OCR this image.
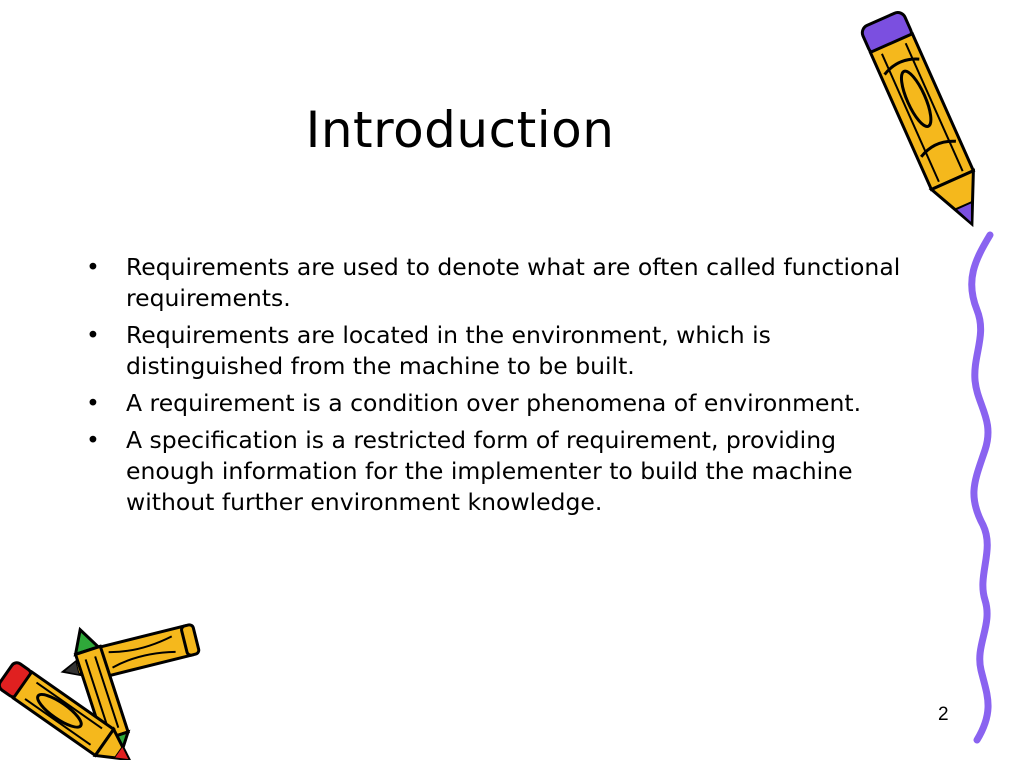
Introduction
• Requirements are used to denote what are often called functional requirements.
• Requirements are located in the environment, which is distinguished from the machine to be built.
• A requirement is a condition over phenomena of environment.
• A specification is a restricted form of requirement, providing enough information for the implementer to build the machine without further environment knowledge.
2
